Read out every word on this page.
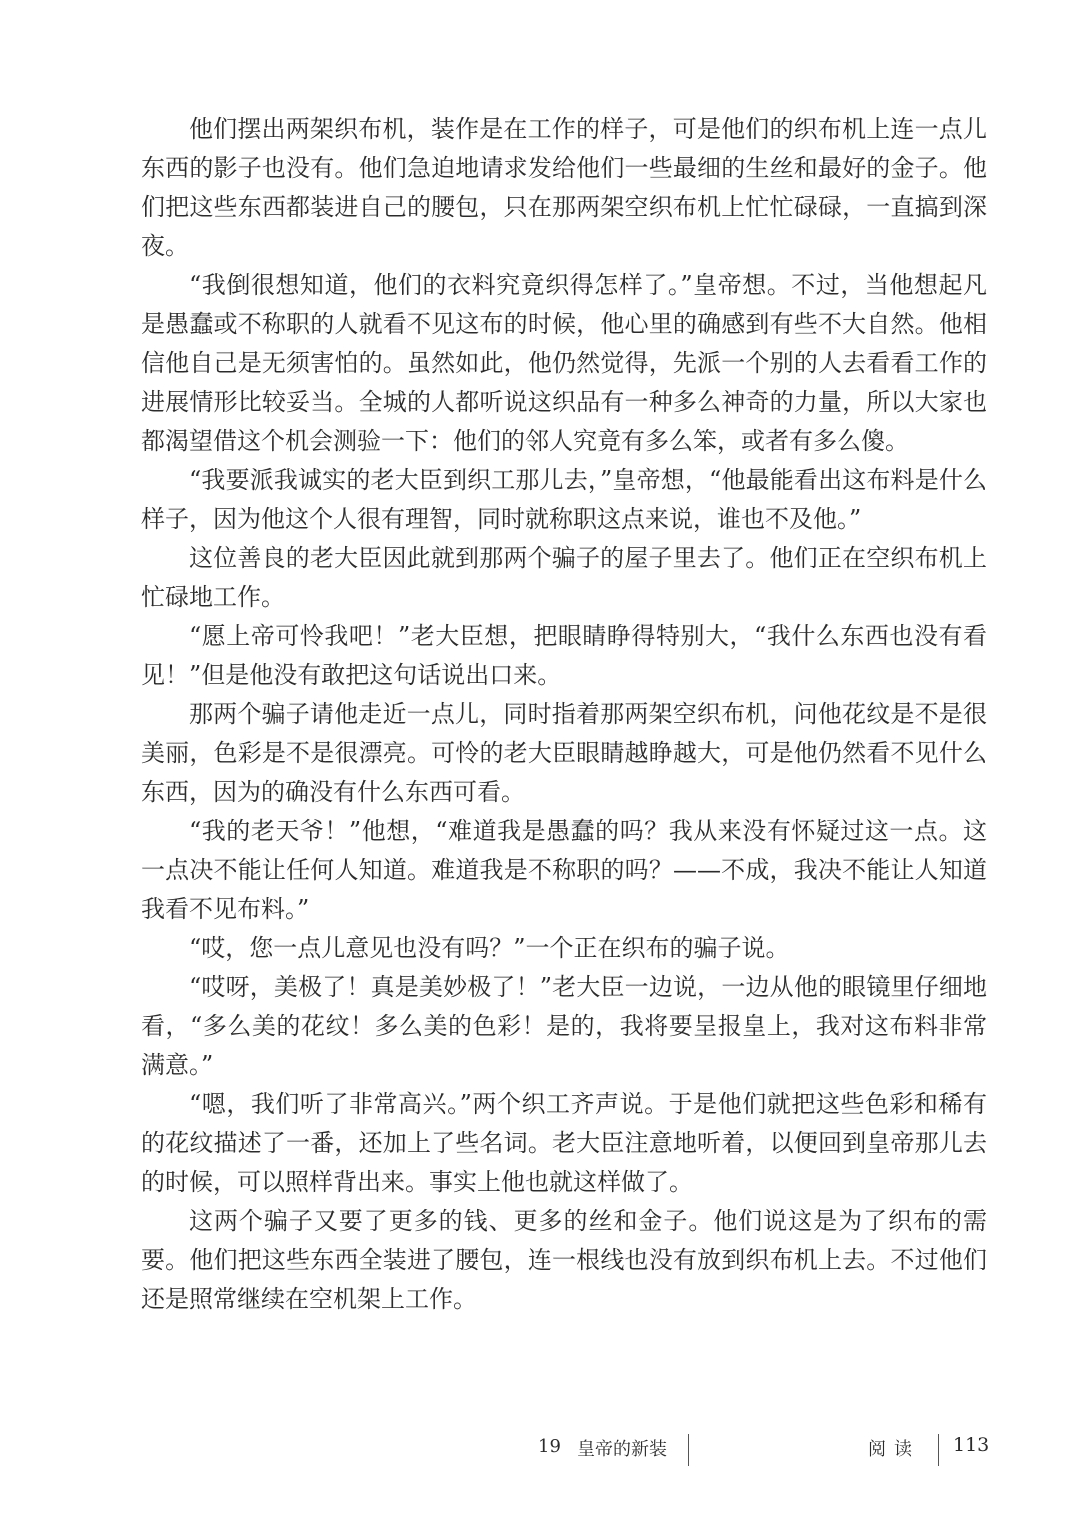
他们摆出两架织布机，装作是在工作的样子，可是他们的织布机上连一点儿东西的影子也没有。他们急迫地请求发给他们一些最细的生丝和最好的金子。他们把这些东西都装进自己的腰包，只在那两架空织布机上忙忙碌碌，一直搞到深夜。

“我倒很想知道，他们的衣料究竟织得怎样了。”皇帝想。不过，当他想起凡是愚蠢或不称职的人就看不见这布的时候，他心里的确感到有些不大自然。他相信他自己是无须害怕的。虽然如此，他仍然觉得，先派一个别的人去看看工作的进展情形比较妥当。全城的人都听说这织品有一种多么神奇的力量，所以大家也都渴望借这个机会测验一下：他们的邻人究竟有多么笨，或者有多么傻。

“我要派我诚实的老大臣到织工那儿去，”皇帝想，“他最能看出这布料是什么样子，因为他这个人很有理智，同时就称职这点来说，谁也不及他。”

这位善良的老大臣因此就到那两个骗子的屋子里去了。他们正在空织布机上忙碌地工作。

“愿上帝可怜我吧！”老大臣想，把眼睛睁得特别大，“我什么东西也没有看见！”但是他没有敢把这句话说出口来。

那两个骗子请他走近一点儿，同时指着那两架空织布机，问他花纹是不是很美丽，色彩是不是很漂亮。可怜的老大臣眼睛越睁越大，可是他仍然看不见什么东西，因为的确没有什么东西可看。

“我的老天爷！”他想，“难道我是愚蠢的吗？我从来没有怀疑过这一点。这一点决不能让任何人知道。难道我是不称职的吗？——不成，我决不能让人知道我看不见布料。”

“哎，您一点儿意见也没有吗？”一个正在织布的骗子说。

“哎呀，美极了！真是美妙极了！”老大臣一边说，一边从他的眼镜里仔细地看，“多么美的花纹！多么美的色彩！是的，我将要呈报皇上，我对这布料非常满意。”

“嗯，我们听了非常高兴。”两个织工齐声说。于是他们就把这些色彩和稀有的花纹描述了一番，还加上了些名词。老大臣注意地听着，以便回到皇帝那儿去的时候，可以照样背出来。事实上他也就这样做了。

这两个骗子又要了更多的钱、更多的丝和金子。他们说这是为了织布的需要。他们把这些东西全装进了腰包，连一根线也没有放到织布机上去。不过他们还是照常继续在空机架上工作。

19 皇帝的新装	阅读 113
